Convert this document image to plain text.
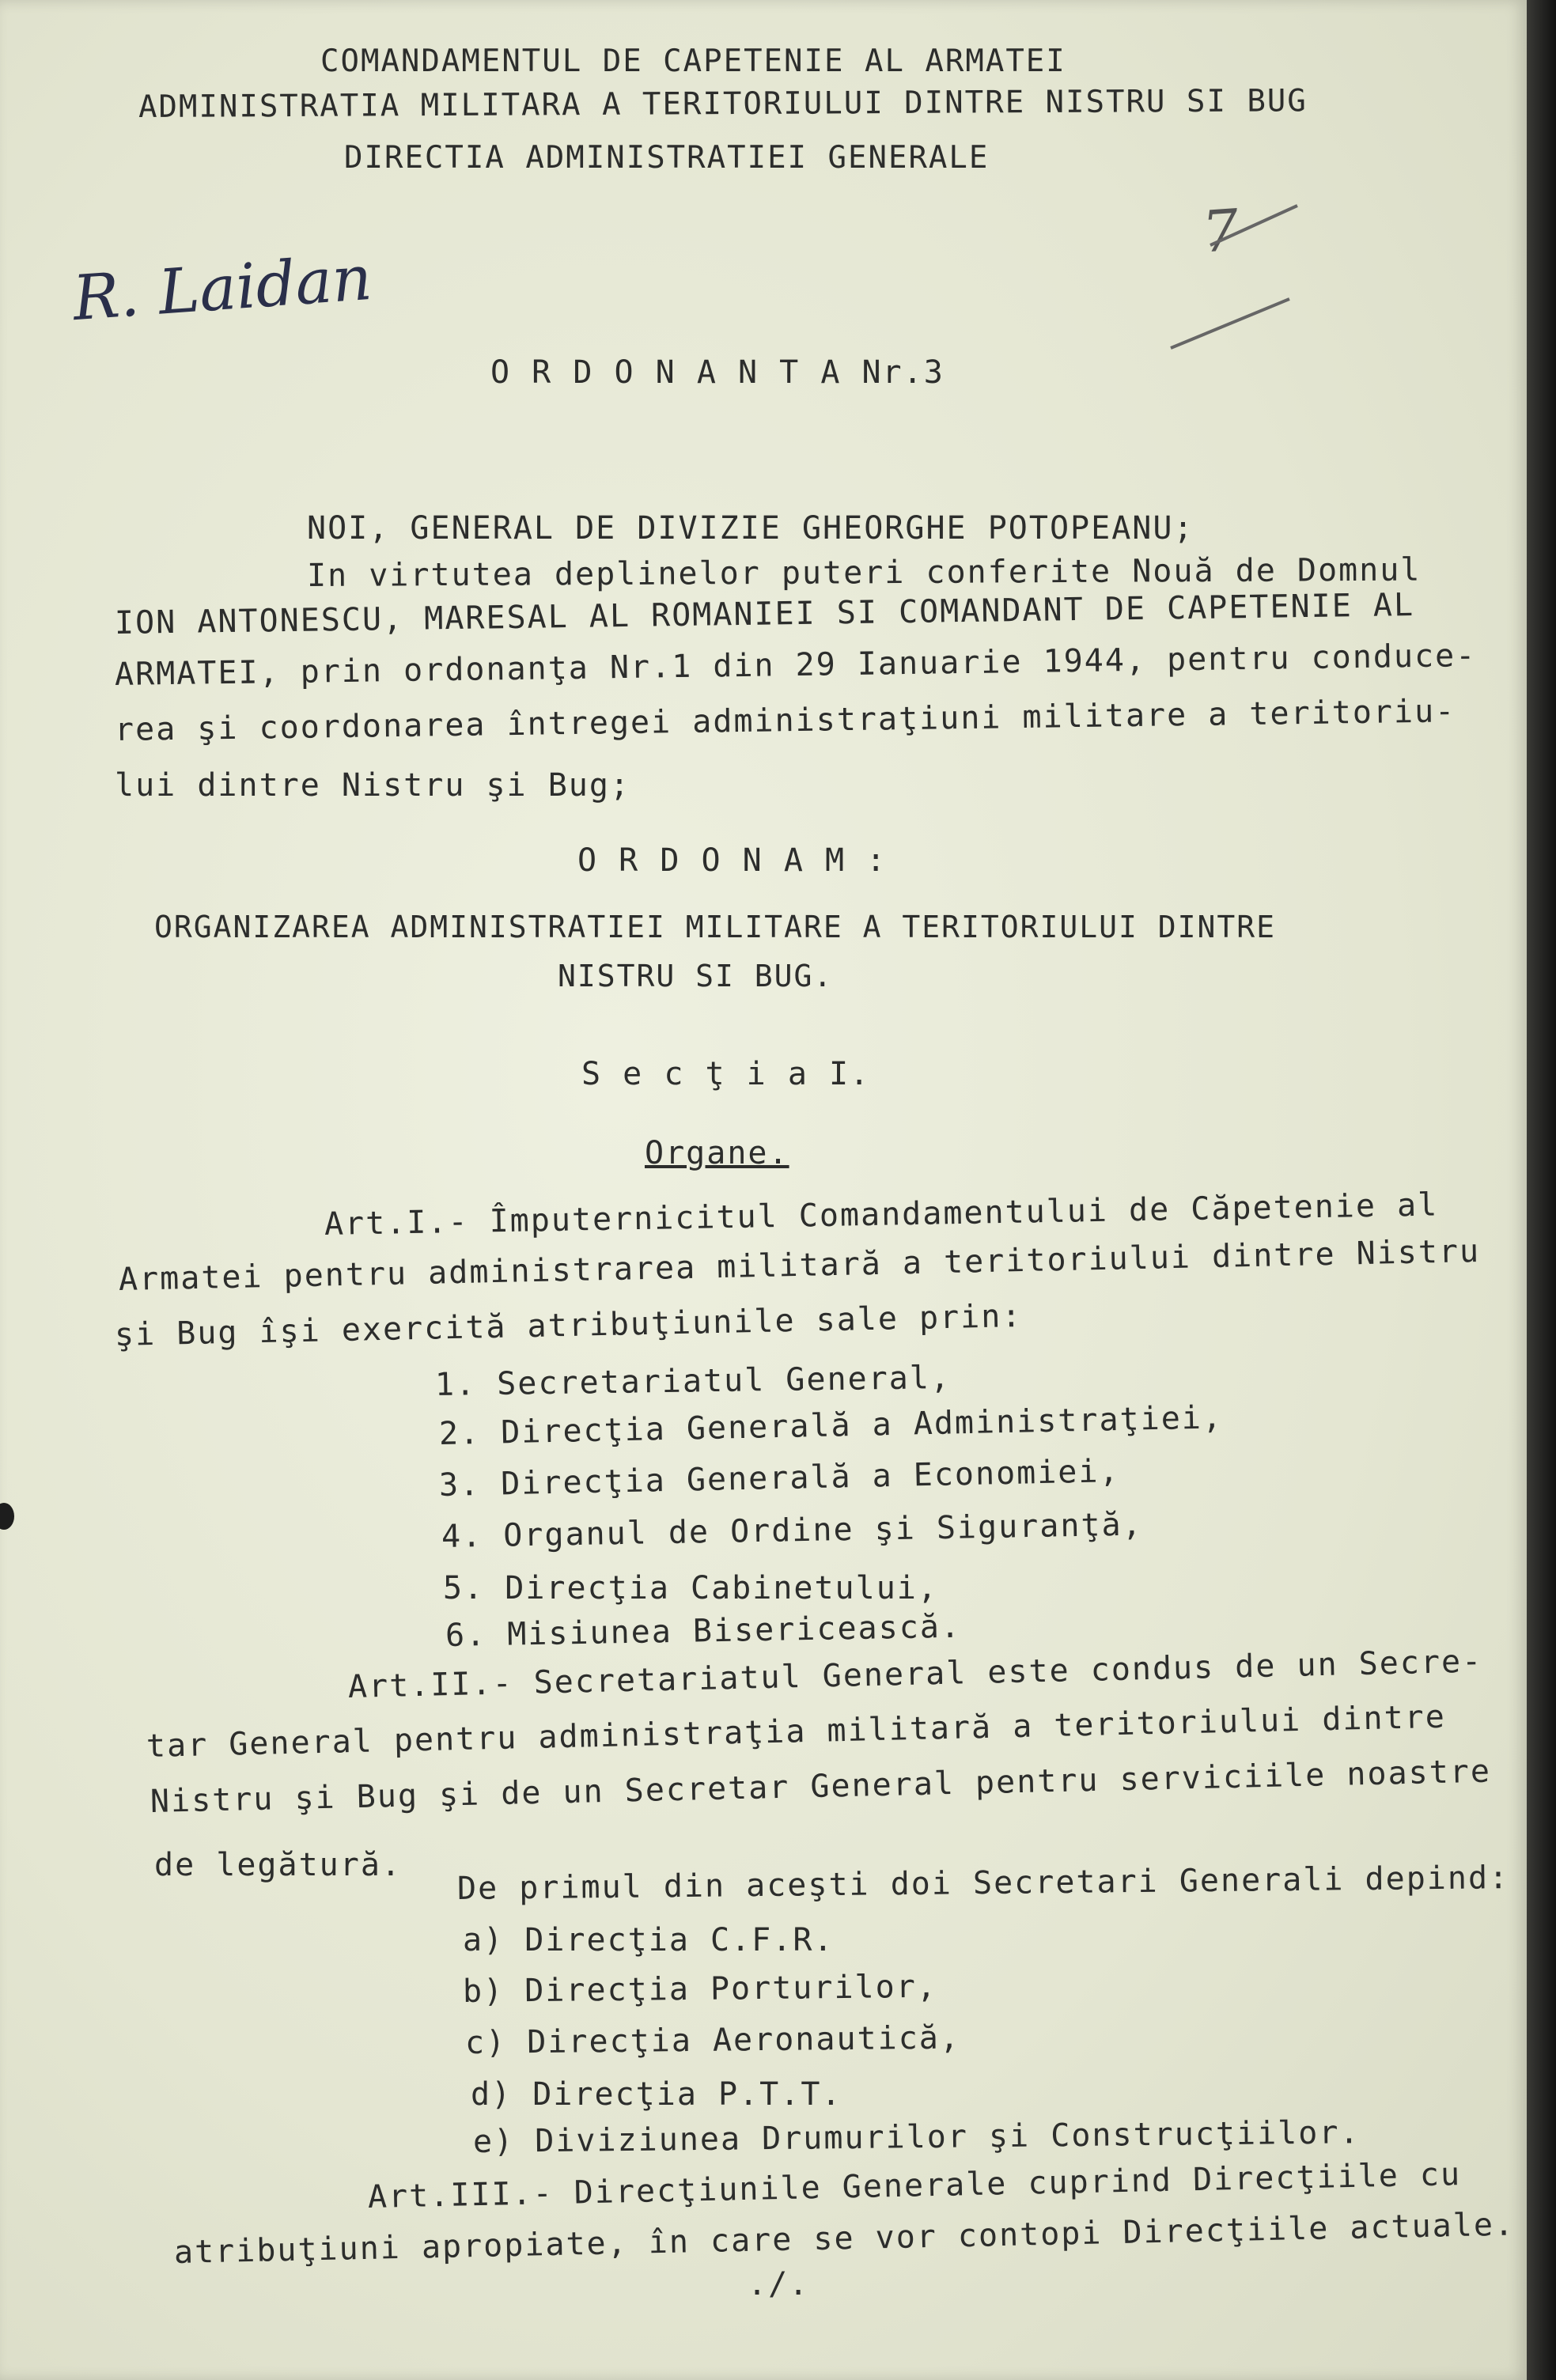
COMANDAMENTUL DE CAPETENIE AL ARMATEI
ADMINISTRATIA MILITARA A TERITORIULUI DINTRE NISTRU SI BUG
DIRECTIA ADMINISTRATIEI GENERALE
R. Laidan
7
O R D O N A N T A Nr.3
NOI, GENERAL DE DIVIZIE GHEORGHE POTOPEANU;
In virtutea deplinelor puteri conferite Nouă de Domnul
ION ANTONESCU, MARESAL AL ROMANIEI SI COMANDANT DE CAPETENIE AL
ARMATEI, prin ordonanţa Nr.1 din 29 Ianuarie 1944, pentru conduce-
rea şi coordonarea întregei administraţiuni militare a teritoriu-
lui dintre Nistru şi Bug;
O R D O N A M :
ORGANIZAREA ADMINISTRATIEI MILITARE A TERITORIULUI DINTRE
NISTRU SI BUG.
S e c ţ i a I.
Organe.
Art.I.- Împuternicitul Comandamentului de Căpetenie al
Armatei pentru administrarea militară a teritoriului dintre Nistru
şi Bug îşi exercită atribuţiunile sale prin:
1. Secretariatul General,
2. Direcţia Generală a Administraţiei,
3. Direcţia Generală a Economiei,
4. Organul de Ordine şi Siguranţă,
5. Direcţia Cabinetului,
6. Misiunea Bisericească.
Art.II.- Secretariatul General este condus de un Secre-
tar General pentru administraţia militară a teritoriului dintre
Nistru şi Bug şi de un Secretar General pentru serviciile noastre
de legătură. De primul din aceşti doi Secretari Generali depind:
a) Direcţia C.F.R.
b) Direcţia Porturilor,
c) Direcţia Aeronautică,
d) Direcţia P.T.T.
e) Diviziunea Drumurilor şi Construcţiilor.
Art.III.- Direcţiunile Generale cuprind Direcţiile cu
atribuţiuni apropiate, în care se vor contopi Direcţiile actuale.
./.
